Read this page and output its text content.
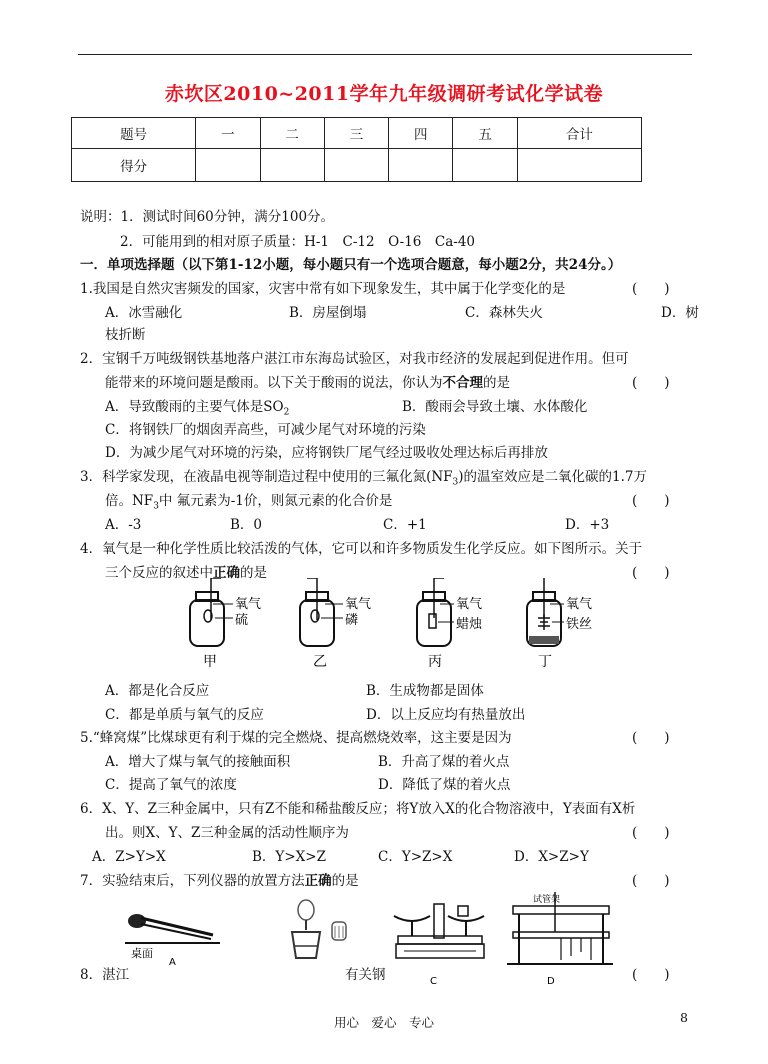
赤坎区2010~2011学年九年级调研考试化学试卷
题号	一	二	三	四	五	合计
得分						
说明：1．测试时间60分钟，满分100分。
2．可能用到的相对原子质量：H-1　C-12　O-16　Ca-40
一．单项选择题（以下第1-12小题，每小题只有一个选项合题意，每小题2分，共24分。）
1.我国是自然灾害频发的国家，灾害中常有如下现象发生，其中属于化学变化的是	(　　)
A．冰雪融化	B．房屋倒塌	C．森林失火	D．树
枝折断
2．宝钢千万吨级钢铁基地落户湛江市东海岛试验区，对我市经济的发展起到促进作用。但可
能带来的环境问题是酸雨。以下关于酸雨的说法，你认为不合理的是	(　　)
A．导致酸雨的主要气体是$SO_2$	B．酸雨会导致土壤、水体酸化
C．将钢铁厂的烟囱弄高些，可减少尾气对环境的污染
D．为减少尾气对环境的污染，应将钢铁厂尾气经过吸收处理达标后再排放
3．科学家发现，在液晶电视等制造过程中使用的三氟化氮$(NF_3)$的温室效应是二氧化碳的1.7万
倍。$NF_3$中 氟元素为-1价，则氮元素的化合价是	(　　)
A．-3	B．0	C．+1	D．+3
4．氧气是一种化学性质比较活泼的气体，它可以和许多物质发生化学反应。如下图所示。关于
三个反应的叙述中正确的是	(　　)
氧气
硫
甲
氧气
磷
乙
氧气
蜡烛
丙
氧气
铁丝
丁
A．都是化合反应	B．生成物都是固体
C．都是单质与氧气的反应	D．以上反应均有热量放出
5.“蜂窝煤”比煤球更有利于煤的完全燃烧、提高燃烧效率，这主要是因为	(　　)
A．增大了煤与氧气的接触面积	B．升高了煤的着火点
C．提高了氧气的浓度	D．降低了煤的着火点
6．X、Y、Z三种金属中，只有Z不能和稀盐酸反应；将Y放入X的化合物溶液中，Y表面有X析
出。则X、Y、Z三种金属的活动性顺序为	(　　)
A．Z>Y>X	B．Y>X>Z	C．Y>Z>X	D．X>Z>Y
7．实验结束后，下列仪器的放置方法正确的是	(　　)
桌面
A
C
试管架
D
8．湛江	有关钢	(　　)
用心　爱心　专心	8
